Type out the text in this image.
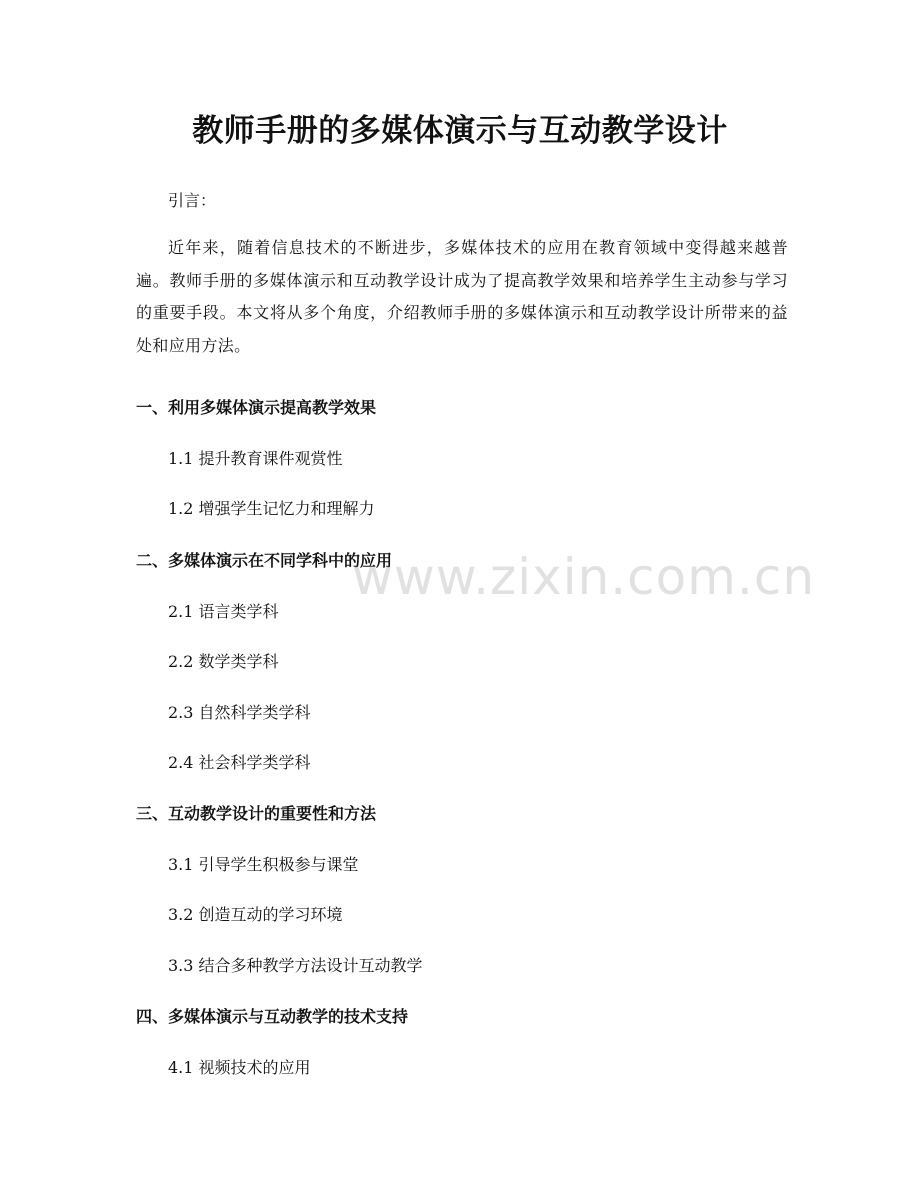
教师手册的多媒体演示与互动教学设计

引言：

近年来，随着信息技术的不断进步，多媒体技术的应用在教育领域中变得越来越普遍。教师手册的多媒体演示和互动教学设计成为了提高教学效果和培养学生主动参与学习的重要手段。本文将从多个角度，介绍教师手册的多媒体演示和互动教学设计所带来的益处和应用方法。

一、利用多媒体演示提高教学效果

1.1 提升教育课件观赏性

1.2 增强学生记忆力和理解力

二、多媒体演示在不同学科中的应用

2.1 语言类学科

2.2 数学类学科

2.3 自然科学类学科

2.4 社会科学类学科

三、互动教学设计的重要性和方法

3.1 引导学生积极参与课堂

3.2 创造互动的学习环境

3.3 结合多种教学方法设计互动教学

四、多媒体演示与互动教学的技术支持

4.1 视频技术的应用

www.zixin.com.cn
